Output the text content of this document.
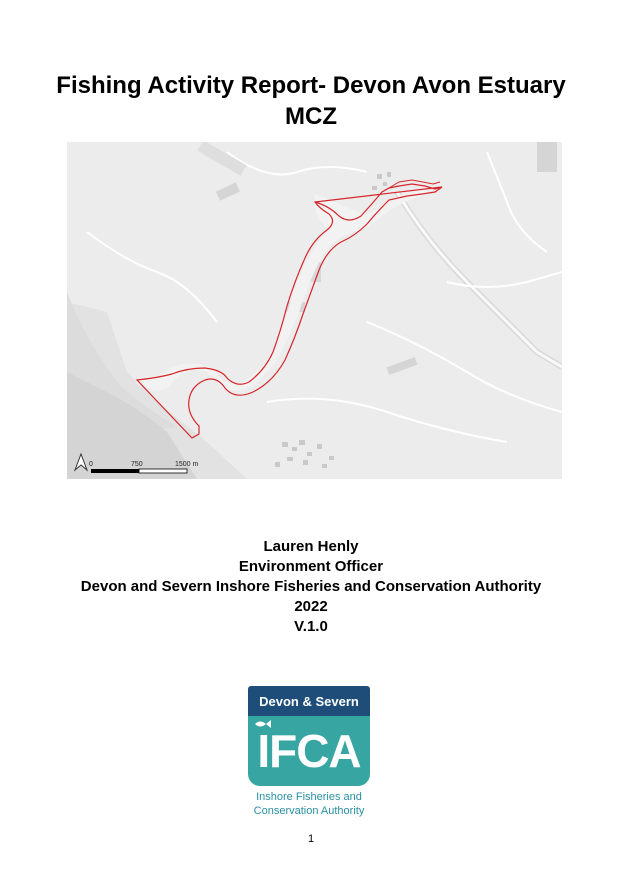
Fishing Activity Report- Devon Avon Estuary MCZ
0	750	1500 m
Lauren Henly
Environment Officer
Devon and Severn Inshore Fisheries and Conservation Authority
2022
V.1.0
Devon & Severn
IFCA
Inshore Fisheries and
Conservation Authority
1
